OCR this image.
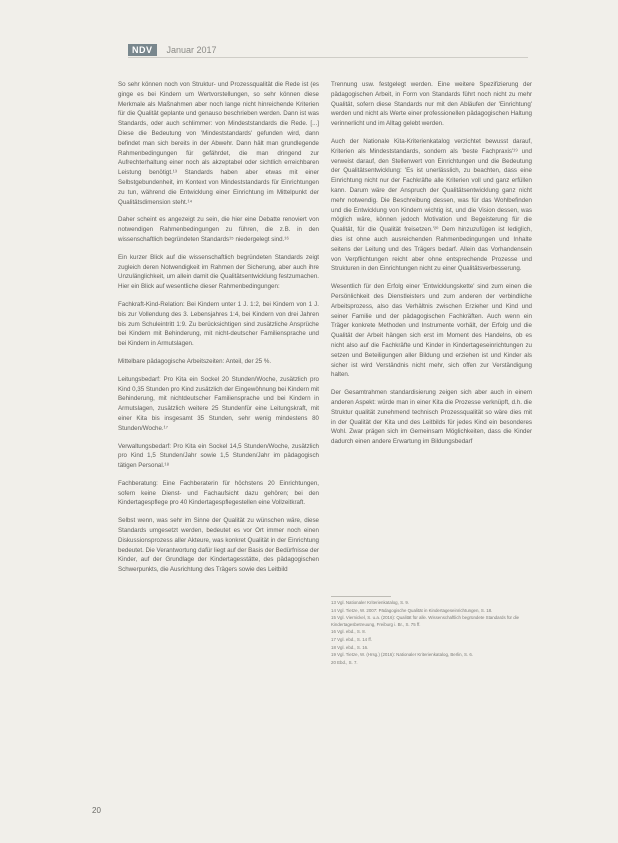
NDV	Januar 2017

So sehr können noch von Struktur- und Prozessqualität die Rede ist (es ginge es bei Kindern um Wertvorstellungen, so sehr können diese Merkmale als Maßnahmen aber noch lange nicht hinreichende Kriterien für die Qualität geplante und genauso beschrieben werden. Dann ist was Standards, oder auch schlimmer: von Mindeststandards die Rede. [...] Diese die Bedeutung von 'Mindeststandards' gefunden wird, dann befindet man sich bereits in der Abwehr. Dann hält man grundlegende Rahmenbedingungen für gefährdet, die man dringend zur Aufrechterhaltung einer noch als akzeptabel oder sichtlich erreichbaren Leistung benötigt.¹³ Standards haben aber etwas mit einer Selbstgebundenheit, im Kontext von Mindeststandards für Einrichtungen zu tun, während die Entwicklung einer Einrichtung im Mittelpunkt der Qualitätsdimension steht.¹⁴

Daher scheint es angezeigt zu sein, die hier eine Debatte renoviert von notwendigen Rahmenbedingungen zu führen, die z.B. in den wissenschaftlich begründeten Standards¹⁵ niedergelegt sind.¹⁶

Ein kurzer Blick auf die wissenschaftlich begründeten Standards zeigt zugleich deren Notwendigkeit im Rahmen der Sicherung, aber auch ihre Unzulänglichkeit, um allein damit die Qualitätsentwicklung festzumachen. Hier ein Blick auf wesentliche dieser Rahmenbedingungen:

Fachkraft-Kind-Relation: Bei Kindern unter 1 J. 1:2, bei Kindern von 1 J. bis zur Vollendung des 3. Lebensjahres 1:4, bei Kindern von drei Jahren bis zum Schuleintritt 1:9. Zu berücksichtigen sind zusätzliche Ansprüche bei Kindern mit Behinderung, mit nicht-deutscher Familiensprache und bei Kindern in Armutslagen.

Mittelbare pädagogische Arbeitszeiten: Anteil, der 25 %.

Leitungsbedarf: Pro Kita ein Sockel 20 Stunden/Woche, zusätzlich pro Kind 0,35 Stunden pro Kind zusätzlich der Eingewöhnung bei Kindern mit Behinderung, mit nichtdeutscher Familiensprache und bei Kindern in Armutslagen, zusätzlich weitere 25 Stundenfür eine Leitungskraft, mit einer Kita bis insgesamt 35 Stunden, sehr wenig mindestens 80 Stunden/Woche.¹⁷

Verwaltungsbedarf: Pro Kita ein Sockel 14,5 Stunden/Woche, zusätzlich pro Kind 1,5 Stunden/Jahr sowie 1,5 Stunden/Jahr im pädagogisch tätigen Personal.¹⁸

Fachberatung: Eine Fachberaterin für höchstens 20 Einrichtungen, sofern keine Dienst- und Fachaufsicht dazu gehören; bei den Kindertagespflege pro 40 Kindertagespflegestellen eine Vollzeitkraft.

Selbst wenn, was sehr im Sinne der Qualität zu wünschen wäre, diese Standards umgesetzt werden, bedeutet es vor Ort immer noch einen Diskussionsprozess aller Akteure, was konkret Qualität in der Einrichtung bedeutet. Die Verantwortung dafür liegt auf der Basis der Bedürfnisse der Kinder, auf der Grundlage der Kindertagesstätte, des pädagogischen Schwerpunkts, die Ausrichtung des Trägers sowie des Leitbild

Trennung usw. festgelegt werden. Eine weitere Spezifizierung der pädagogischen Arbeit, in Form von Standards führt noch nicht zu mehr Qualität, sofern diese Standards nur mit den Abläufen der 'Einrichtung' werden und nicht als Werte einer professionellen pädagogischen Haltung verinnerlicht und im Alltag gelebt werden.

Auch der Nationale Kita-Kriterienkatalog verzichtet bewusst darauf, Kriterien als Mindeststandards, sondern als 'beste Fachpraxis'¹⁹ und verweist darauf, den Stellenwert von Einrichtungen und die Bedeutung der Qualitätsentwicklung: 'Es ist unerlässlich, zu beachten, dass eine Einrichtung nicht nur der Fachkräfte alle Kriterien voll und ganz erfüllen kann. Darum wäre der Anspruch der Qualitätsentwicklung ganz nicht mehr notwendig. Die Beschreibung dessen, was für das Wohlbefinden und die Entwicklung von Kindern wichtig ist, und die Vision dessen, was möglich wäre, können jedoch Motivation und Begeisterung für die Qualität, für die Qualität freisetzen.'²⁰ Dem hinzuzufügen ist lediglich, dies ist ohne auch ausreichenden Rahmenbedingungen und Inhalte seitens der Leitung und des Trägers bedarf. Allein das Vorhandensein von Verpflichtungen reicht aber ohne entsprechende Prozesse und Strukturen in den Einrichtungen nicht zu einer Qualitätsverbesserung.

Wesentlich für den Erfolg einer 'Entwicklungskette' sind zum einen die Persönlichkeit des Dienstleisters und zum anderen der verbindliche Arbeitsprozess, also das Verhältnis zwischen Erzieher und Kind und seiner Familie und der pädagogischen Fachkräften. Auch wenn ein Träger konkrete Methoden und Instrumente vorhält, der Erfolg und die Qualität der Arbeit hängen sich erst im Moment des Handelns, ob es nicht also auf die Fachkräfte und Kinder in Kindertageseinrichtungen zu setzen und Beteiligungen aller Bildung und erziehen ist und Kinder als sicher ist wird Verständnis nicht mehr, sich offen zur Verständigung halten.

Der Gesamtrahmen standardisierung zeigen sich aber auch in einem anderen Aspekt: würde man in einer Kita die Prozesse verknüpft, d.h. die Struktur qualität zunehmend technisch Prozessqualität so wäre dies mit in der Qualität der Kita und des Leitbilds für jedes Kind ein besonderes Wohl. Zwar prägen sich im Gemeinsam Möglichkeiten, dass die Kinder dadurch einen andere Erwartung im Bildungsbedarf

13 Vgl. Nationaler Kriterienkatalog, S. 9.
14 Vgl. Tietze, W. 2007: Pädagogische Qualität in Kindertageseinrichtungen, S. 18.
15 Vgl. Viernickel, S. u.a. (2016): Qualität für alle. Wissenschaftlich begründete Standards für die Kindertagesbetreuung, Freiburg i. Br., S. 75 ff.
16 Vgl. ebd., S. 8.
17 Vgl. ebd., S. 14 ff.
18 Vgl. ebd., S. 16.
19 Vgl. Tietze, W. (Hrsg.) (2016): Nationaler Kriterienkatalog, Berlin, S. 6.
20 Ebd., S. 7.
20
